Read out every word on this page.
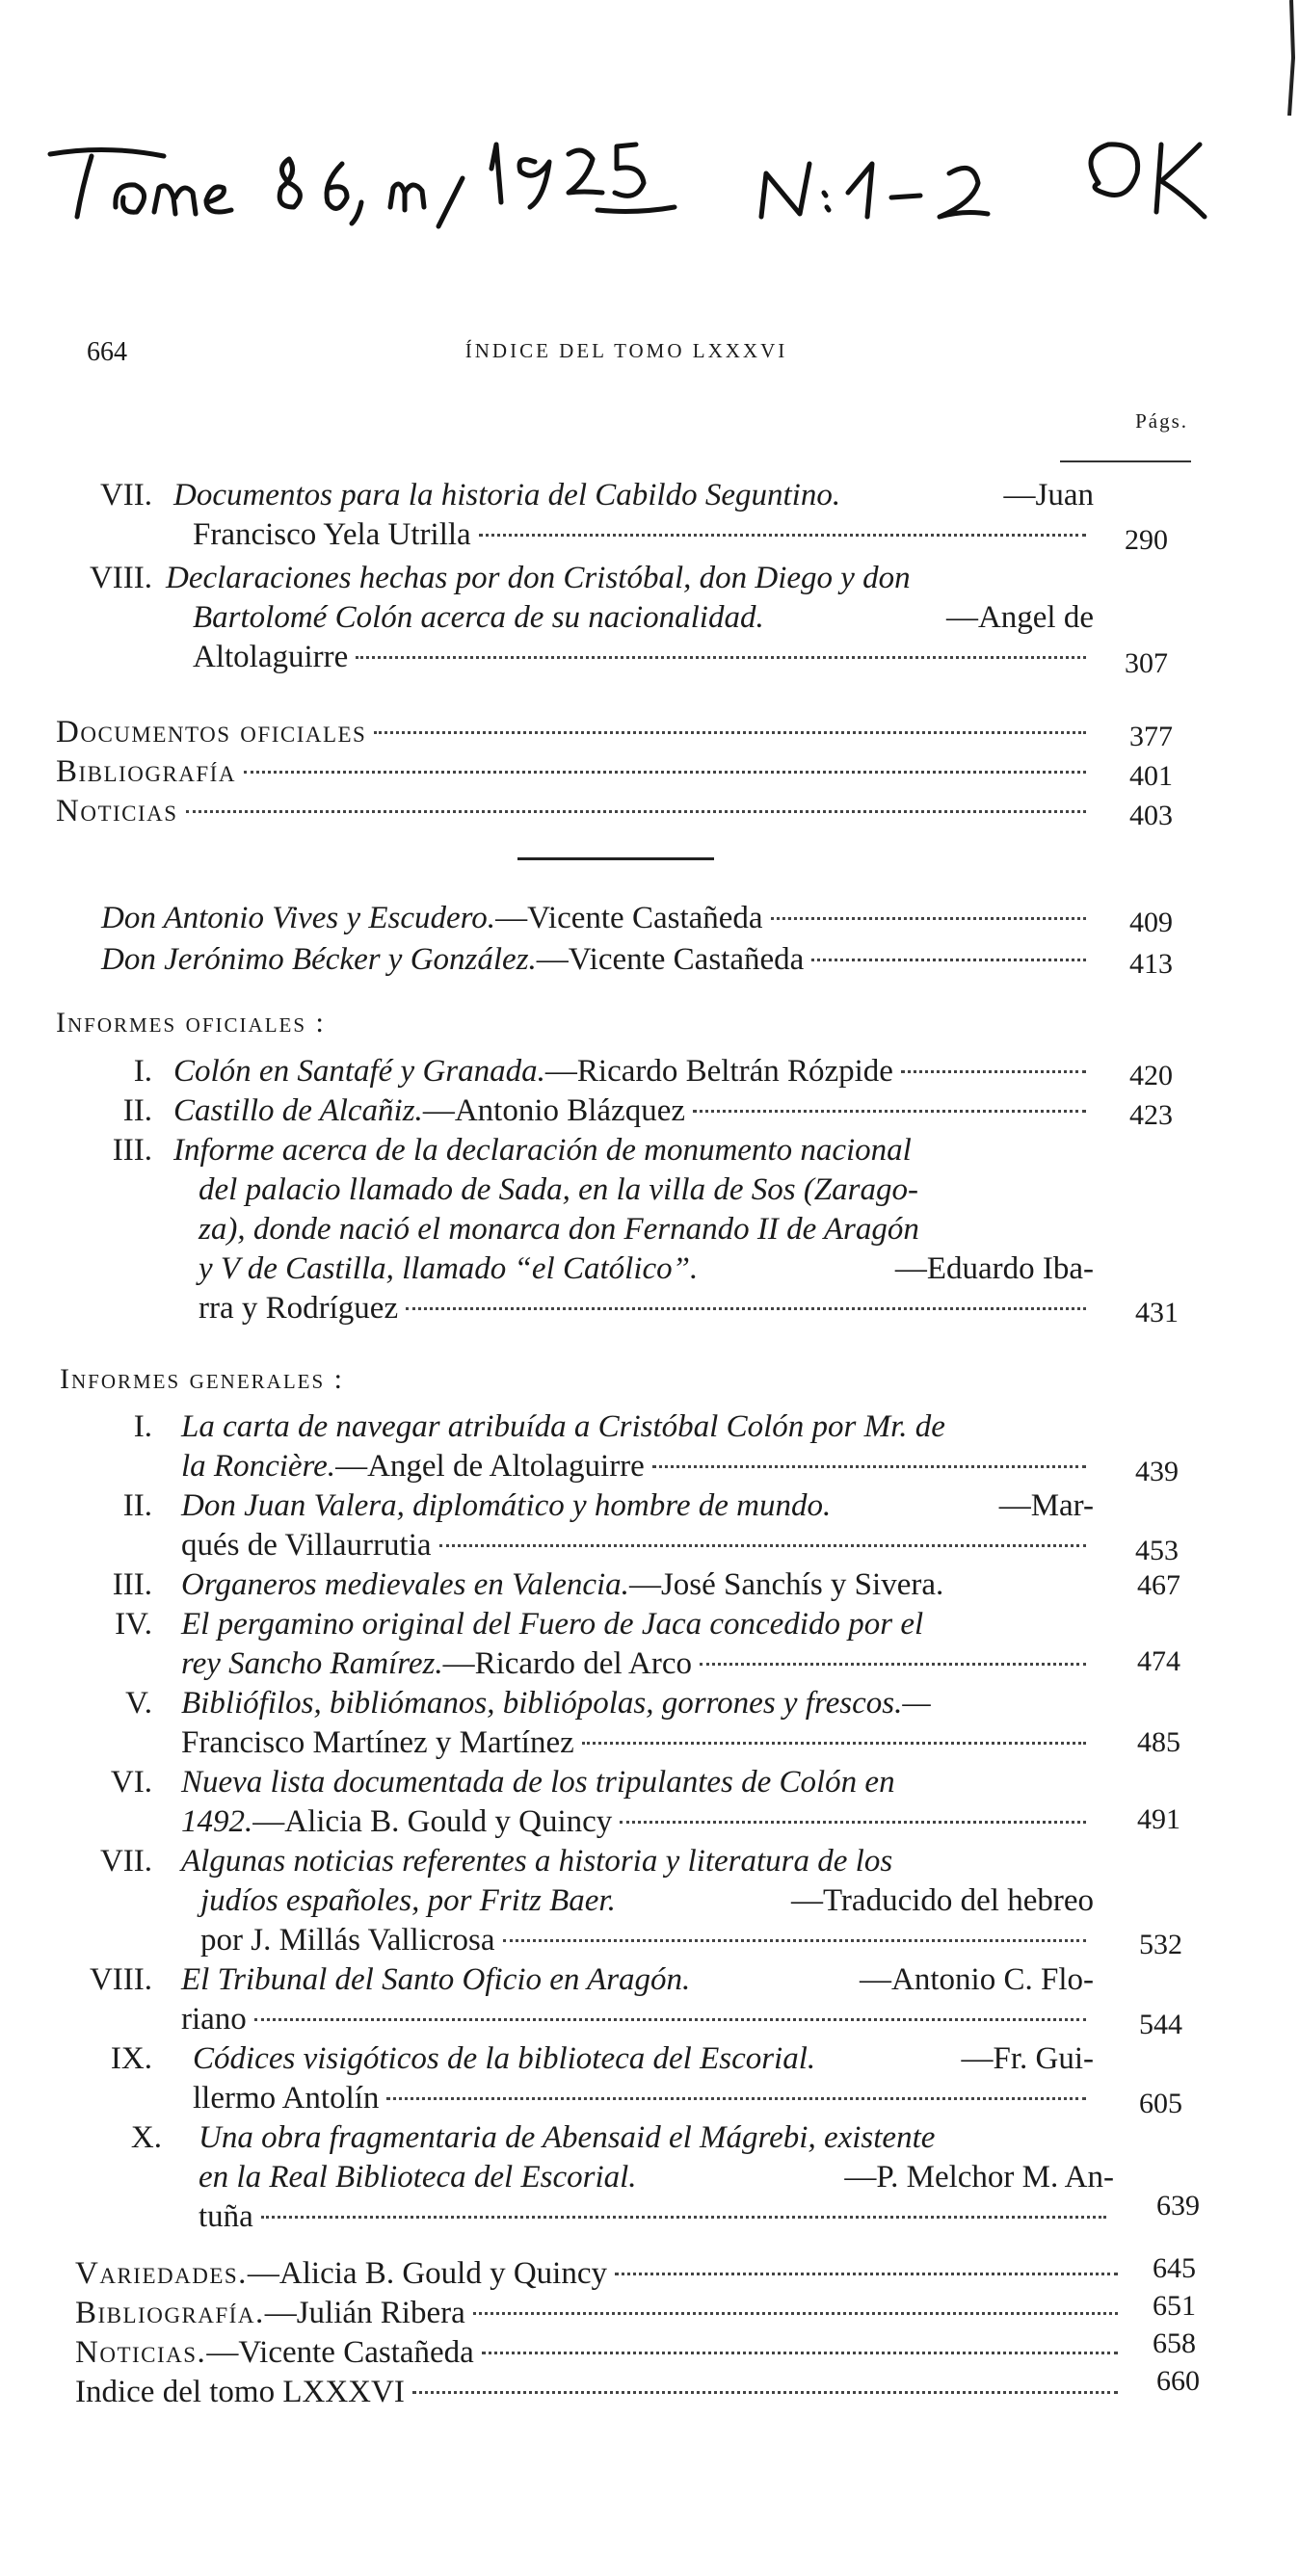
664	ÍNDICE DEL TOMO LXXXVI
Págs.
VII. Documentos para la historia del Cabildo Seguntino.	—Juan
Francisco Yela Utrilla	290
VIII. Declaraciones hechas por don Cristóbal, don Diego y don
Bartolomé Colón acerca de su nacionalidad.	—Angel de
Altolaguirre	307
Documentos oficiales	377
Bibliografía	401
Noticias	403
Don Antonio Vives y Escudero. —Vicente Castañeda	409
Don Jerónimo Bécker y González. —Vicente Castañeda	413
Informes oficiales :
I. Colón en Santafé y Granada. —Ricardo Beltrán Rózpide	420
II. Castillo de Alcañiz. —Antonio Blázquez	423
III. Informe acerca de la declaración de monumento nacional
del palacio llamado de Sada, en la villa de Sos (Zarago-
za), donde nació el monarca don Fernando II de Aragón
y V de Castilla, llamado “el Católico”.	—Eduardo Iba-
rra y Rodríguez	431
Informes generales :
I. La carta de navegar atribuída a Cristóbal Colón por Mr. de
la Roncière. —Angel de Altolaguirre	439
II. Don Juan Valera, diplomático y hombre de mundo.	—Mar-
qués de Villaurrutia	453
III. Organeros medievales en Valencia. —José Sanchís y Sivera.	467
IV. El pergamino original del Fuero de Jaca concedido por el
rey Sancho Ramírez. —Ricardo del Arco	474
V. Bibliófilos, bibliómanos, bibliópolas, gorrones y frescos.—
Francisco Martínez y Martínez	485
VI. Nueva lista documentada de los tripulantes de Colón en
1492. —Alicia B. Gould y Quincy	491
VII. Algunas noticias referentes a historia y literatura de los
judíos españoles, por Fritz Baer.	—Traducido del hebreo
por J. Millás Vallicrosa	532
VIII. El Tribunal del Santo Oficio en Aragón.	—Antonio C. Flo-
riano	544
IX. Códices visigóticos de la biblioteca del Escorial.	—Fr. Gui-
llermo Antolín	605
X. Una obra fragmentaria de Abensaid el Mágrebi, existente
en la Real Biblioteca del Escorial.	—P. Melchor M. An-
tuña	639
Variedades. —Alicia B. Gould y Quincy	645
Bibliografía. —Julián Ribera	651
Noticias. —Vicente Castañeda	658
Indice del tomo LXXXVI	660
